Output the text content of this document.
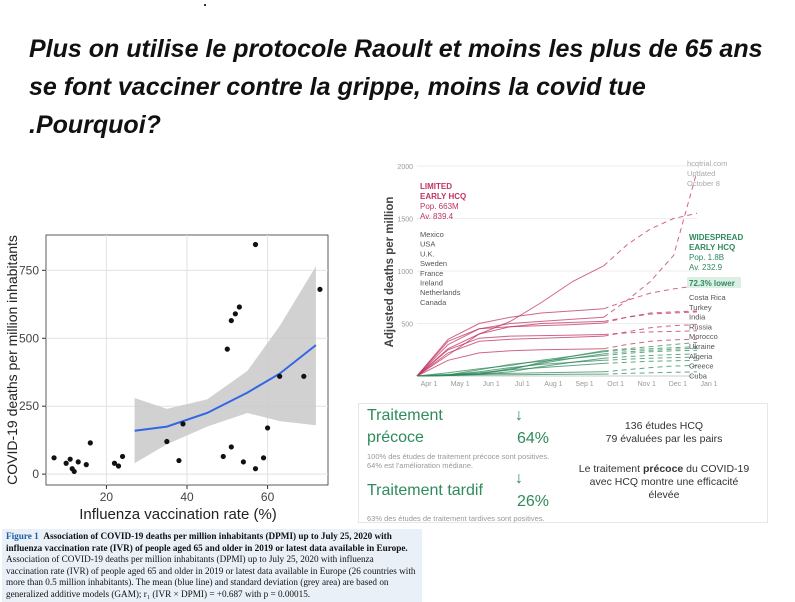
Plus on utilise le protocole Raoult et moins les plus de 65 ans se font vacciner contre la grippe, moins la covid tue .Pourquoi?
20	40	60
0
250
500
750
Influenza vaccination rate (%)
COVID-19 deaths per million inhabitants
Figure 1 Association of COVID-19 deaths per million inhabitants (DPMI) up to July 25, 2020 with influenza vaccination rate (IVR) of people aged 65 and older in 2019 or latest data available in Europe. Association of COVID-19 deaths per million inhabitants (DPMI) up to July 25, 2020 with influenza vaccination rate (IVR) of people aged 65 and older in 2019 or latest data available in Europe (26 countries with more than 0.5 million inhabitants). The mean (blue line) and standard deviation (grey area) are based on generalized additive models (GAM); r₁ (IVR × DPMI) = +0.687 with p = 0.00015.
2000
1500
1000
500
Apr 1 May 1 Jun 1 Jul 1 Aug 1 Sep 1 Oct 1 Nov 1 Dec 1 Jan 1
Adjusted deaths per million
hcqtrial.com
Updated
October 8
LIMITED
EARLY HCQ
Pop. 663M
Av. 839.4
Mexico
USA
U.K.
Sweden
France
Ireland
Netherlands
Canada
WIDESPREAD
EARLY HCQ
Pop. 1.8B
Av. 232.9
72.3% lower
Costa Rica
Turkey
India
Russia
Morocco
Ukraine
Algeria
Greece
Cuba
Traitement
précoce
↓
64%
100% des études de traitement précoce sont positives.
64% est l'amélioration médiane.
Traitement tardif
↓
26%
63% des études de traitement tardives sont positives.
136 études HCQ
79 évaluées par les pairs
Le traitement précoce du COVID-19
avec HCQ montre une efficacité
élevée
